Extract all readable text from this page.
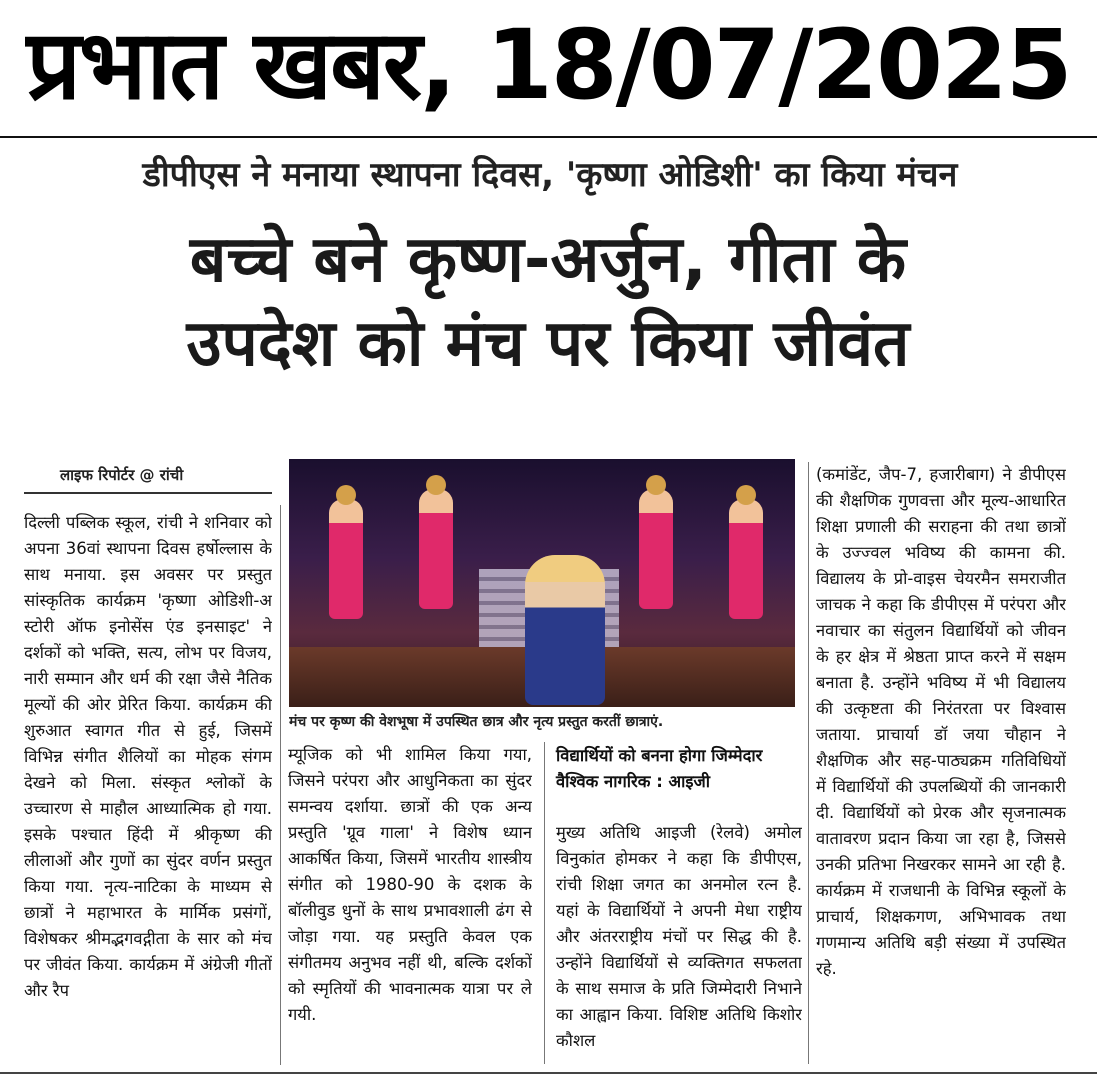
प्रभात खबर, 18/07/2025
डीपीएस ने मनाया स्थापना दिवस, 'कृष्णा ओडिशी' का किया मंचन
बच्चे बने कृष्ण-अर्जुन, गीता के
उपदेश को मंच पर किया जीवंत
लाइफ रिपोर्टर @ रांची

दिल्ली पब्लिक स्कूल, रांची ने शनिवार को अपना 36वां स्थापना दिवस हर्षोल्लास के साथ मनाया. इस अवसर पर प्रस्तुत सांस्कृतिक कार्यक्रम 'कृष्णा ओडिशी-अ स्टोरी ऑफ इनोसेंस एंड इनसाइट' ने दर्शकों को भक्ति, सत्य, लोभ पर विजय, नारी सम्मान और धर्म की रक्षा जैसे नैतिक मूल्यों की ओर प्रेरित किया. कार्यक्रम की शुरुआत स्वागत गीत से हुई, जिसमें विभिन्न संगीत शैलियों का मोहक संगम देखने को मिला. संस्कृत श्लोकों के उच्चारण से माहौल आध्यात्मिक हो गया. इसके पश्चात हिंदी में श्रीकृष्ण की लीलाओं और गुणों का सुंदर वर्णन प्रस्तुत किया गया. नृत्य-नाटिका के माध्यम से छात्रों ने महाभारत के मार्मिक प्रसंगों, विशेषकर श्रीमद्भगवद्गीता के सार को मंच पर जीवंत किया. कार्यक्रम में अंग्रेजी गीतों और रैप

मंच पर कृष्ण की वेशभूषा में उपस्थित छात्र और नृत्य प्रस्तुत करतीं छात्राएं.

म्यूजिक को भी शामिल किया गया, जिसने परंपरा और आधुनिकता का सुंदर समन्वय दर्शाया. छात्रों की एक अन्य प्रस्तुति 'ग्रूव गाला' ने विशेष ध्यान आकर्षित किया, जिसमें भारतीय शास्त्रीय संगीत को 1980-90 के दशक के बॉलीवुड धुनों के साथ प्रभावशाली ढंग से जोड़ा गया. यह प्रस्तुति केवल एक संगीतमय अनुभव नहीं थी, बल्कि दर्शकों को स्मृतियों की भावनात्मक यात्रा पर ले गयी.

विद्यार्थियों को बनना होगा जिम्मेदार
वैश्विक नागरिक : आइजी

मुख्य अतिथि आइजी (रेलवे) अमोल विनुकांत होमकर ने कहा कि डीपीएस, रांची शिक्षा जगत का अनमोल रत्न है. यहां के विद्यार्थियों ने अपनी मेधा राष्ट्रीय और अंतरराष्ट्रीय मंचों पर सिद्ध की है. उन्होंने विद्यार्थियों से व्यक्तिगत सफलता के साथ समाज के प्रति जिम्मेदारी निभाने का आह्वान किया. विशिष्ट अतिथि किशोर कौशल

(कमांडेंट, जैप-7, हजारीबाग) ने डीपीएस की शैक्षणिक गुणवत्ता और मूल्य-आधारित शिक्षा प्रणाली की सराहना की तथा छात्रों के उज्ज्वल भविष्य की कामना की. विद्यालय के प्रो-वाइस चेयरमैन समराजीत जाचक ने कहा कि डीपीएस में परंपरा और नवाचार का संतुलन विद्यार्थियों को जीवन के हर क्षेत्र में श्रेष्ठता प्राप्त करने में सक्षम बनाता है. उन्होंने भविष्य में भी विद्यालय की उत्कृष्टता की निरंतरता पर विश्वास जताया. प्राचार्या डॉ जया चौहान ने शैक्षणिक और सह-पाठ्यक्रम गतिविधियों में विद्यार्थियों की उपलब्धियों की जानकारी दी. विद्यार्थियों को प्रेरक और सृजनात्मक वातावरण प्रदान किया जा रहा है, जिससे उनकी प्रतिभा निखरकर सामने आ रही है. कार्यक्रम में राजधानी के विभिन्न स्कूलों के प्राचार्य, शिक्षकगण, अभिभावक तथा गणमान्य अतिथि बड़ी संख्या में उपस्थित रहे.
